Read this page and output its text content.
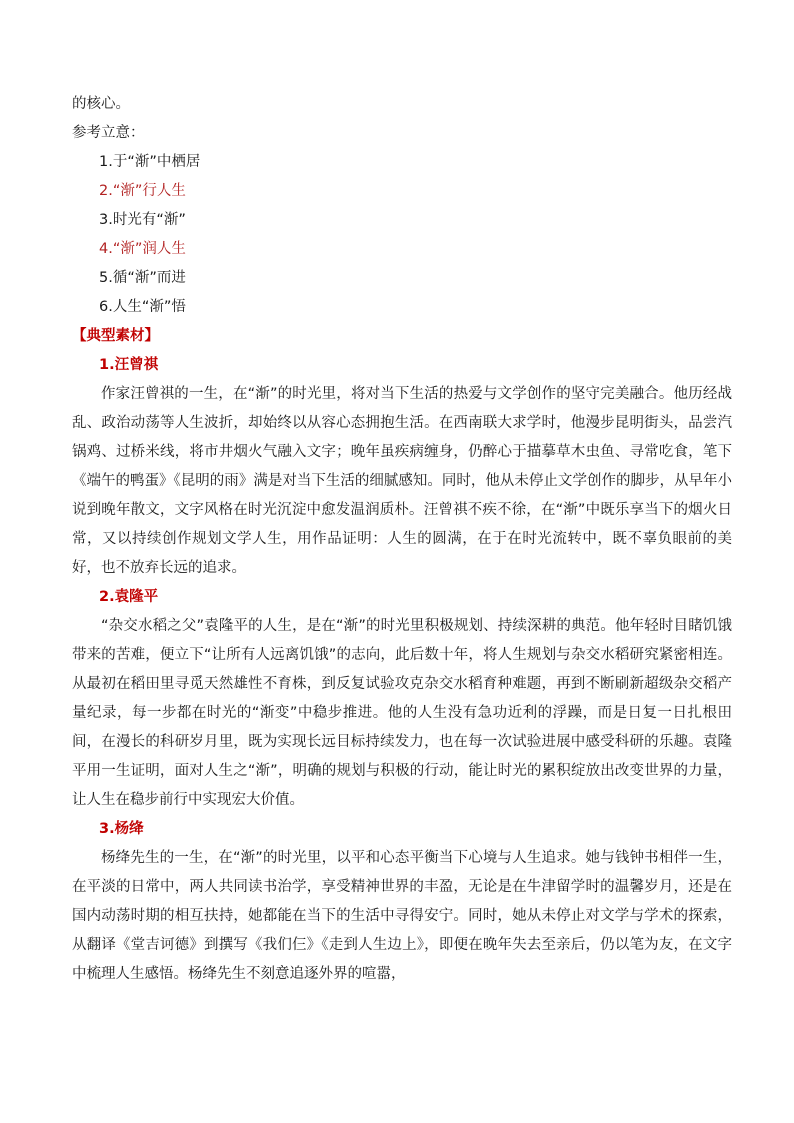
的核心。
参考立意：
1.于“渐”中栖居
2.“渐”行人生
3.时光有“渐”
4.“渐”润人生
5.循“渐”而进
6.人生“渐”悟
【典型素材】
1.汪曾祺

作家汪曾祺的一生，在“渐”的时光里，将对当下生活的热爱与文学创作的坚守完美融合。他历经战乱、政治动荡等人生波折，却始终以从容心态拥抱生活。在西南联大求学时，他漫步昆明街头，品尝汽锅鸡、过桥米线，将市井烟火气融入文字；晚年虽疾病缠身，仍醉心于描摹草木虫鱼、寻常吃食，笔下《端午的鸭蛋》《昆明的雨》满是对当下生活的细腻感知。同时，他从未停止文学创作的脚步，从早年小说到晚年散文，文字风格在时光沉淀中愈发温润质朴。汪曾祺不疾不徐，在“渐”中既乐享当下的烟火日常，又以持续创作规划文学人生，用作品证明：人生的圆满，在于在时光流转中，既不辜负眼前的美好，也不放弃长远的追求。

2.袁隆平

“杂交水稻之父”袁隆平的人生，是在“渐”的时光里积极规划、持续深耕的典范。他年轻时目睹饥饿带来的苦难，便立下“让所有人远离饥饿”的志向，此后数十年，将人生规划与杂交水稻研究紧密相连。从最初在稻田里寻觅天然雄性不育株，到反复试验攻克杂交水稻育种难题，再到不断刷新超级杂交稻产量纪录，每一步都在时光的“渐变”中稳步推进。他的人生没有急功近利的浮躁，而是日复一日扎根田间，在漫长的科研岁月里，既为实现长远目标持续发力，也在每一次试验进展中感受科研的乐趣。袁隆平用一生证明，面对人生之“渐”，明确的规划与积极的行动，能让时光的累积绽放出改变世界的力量，让人生在稳步前行中实现宏大价值。

3.杨绛

杨绛先生的一生，在“渐”的时光里，以平和心态平衡当下心境与人生追求。她与钱钟书相伴一生，在平淡的日常中，两人共同读书治学，享受精神世界的丰盈，无论是在牛津留学时的温馨岁月，还是在国内动荡时期的相互扶持，她都能在当下的生活中寻得安宁。同时，她从未停止对文学与学术的探索，从翻译《堂吉诃德》到撰写《我们仨》《走到人生边上》，即便在晚年失去至亲后，仍以笔为友，在文字中梳理人生感悟。杨绛先生不刻意追逐外界的喧嚣，
